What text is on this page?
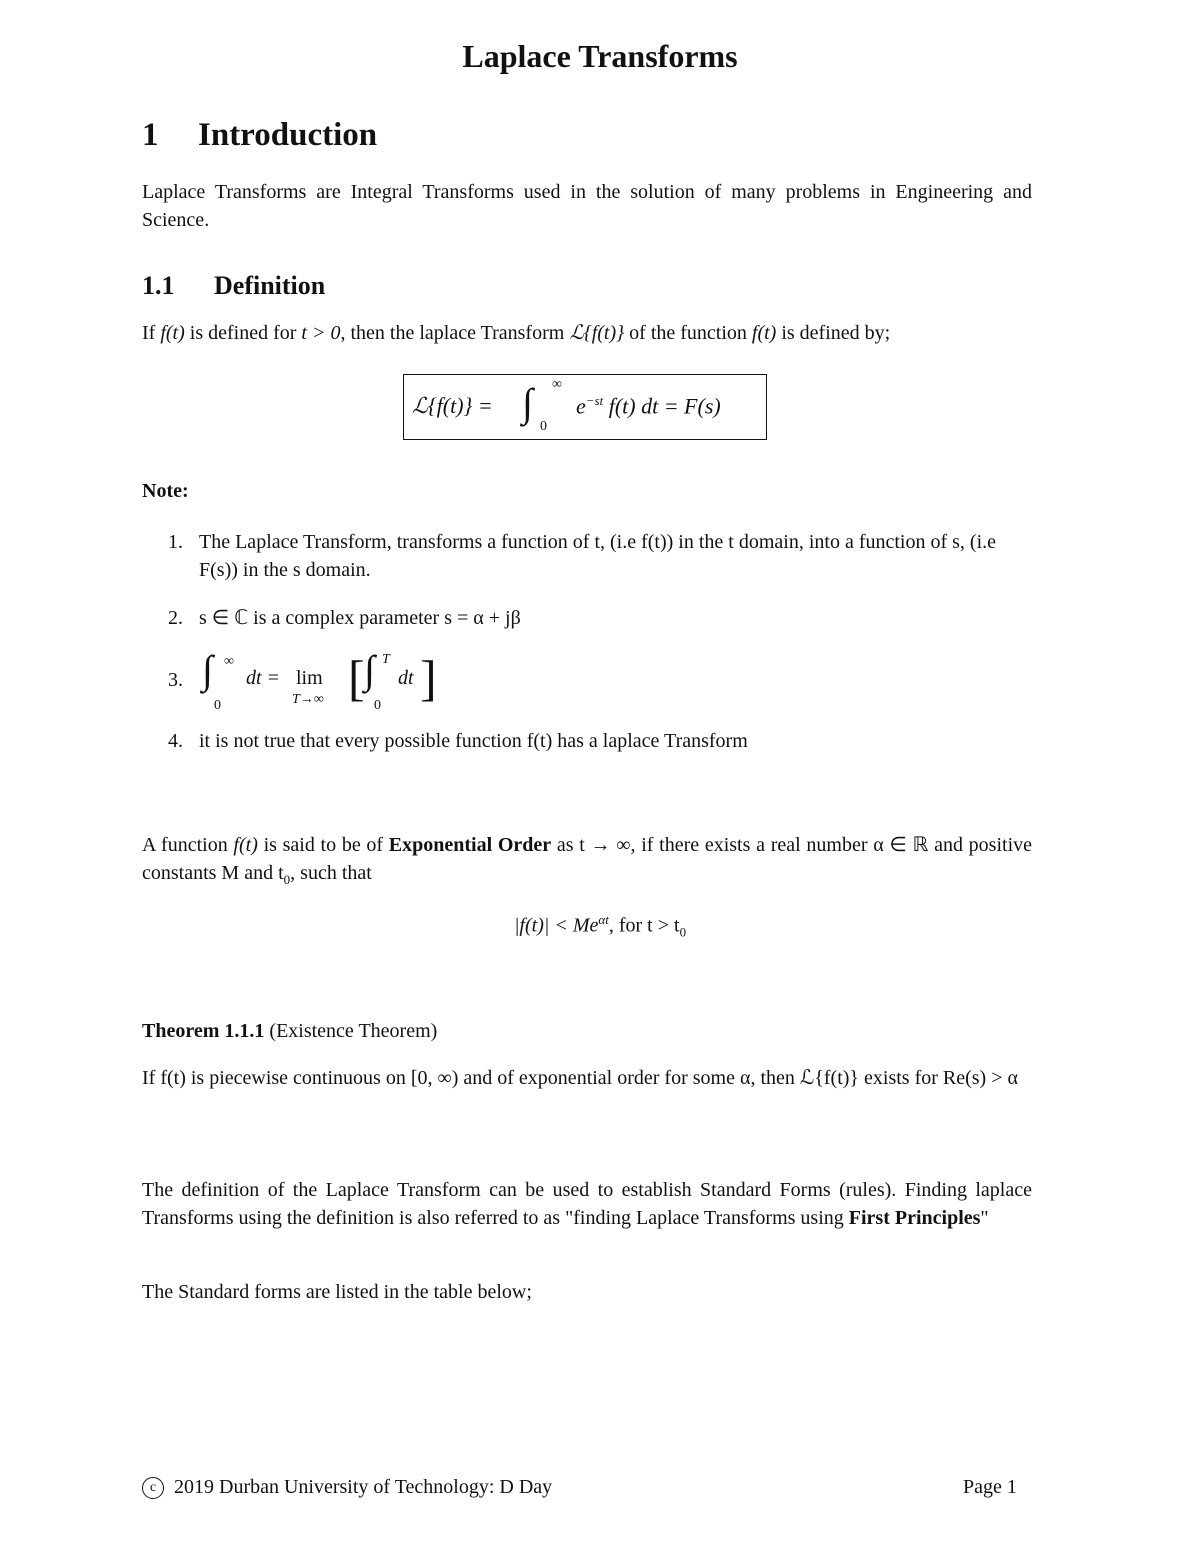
Laplace Transforms
1 Introduction
Laplace Transforms are Integral Transforms used in the solution of many problems in Engineering and Science.
1.1 Definition
If f(t) is defined for t > 0, then the laplace Transform ℒ{f(t)} of the function f(t) is defined by;
ℒ{f(t)} = ∫ ∞
0
$e^{-st}$ f(t) dt = F(s)
Note:
1. The Laplace Transform, transforms a function of t, (i.e f(t)) in the t domain, into a function of s, (i.e F(s)) in the s domain.
2. s ∈ ℂ is a complex parameter s = α + jβ
3. ∫ ∞
0
dt = lim
T→∞ [ ∫ T
0
dt ]
4. it is not true that every possible function f(t) has a laplace Transform
A function f(t) is said to be of Exponential Order as t → ∞, if there exists a real number α ∈ ℝ and positive constants M and $t_0$, such that
$|f(t)| < Me^{\alpha t}$, for $t > t_0$
Theorem 1.1.1 (Existence Theorem)
If f(t) is piecewise continuous on [0, ∞) and of exponential order for some α, then ℒ{f(t)} exists for Re(s) > α
The definition of the Laplace Transform can be used to establish Standard Forms (rules). Finding laplace Transforms using the definition is also referred to as "finding Laplace Transforms using First Principles"
The Standard forms are listed in the table below;
c 2019 Durban University of Technology: D Day	Page 1
